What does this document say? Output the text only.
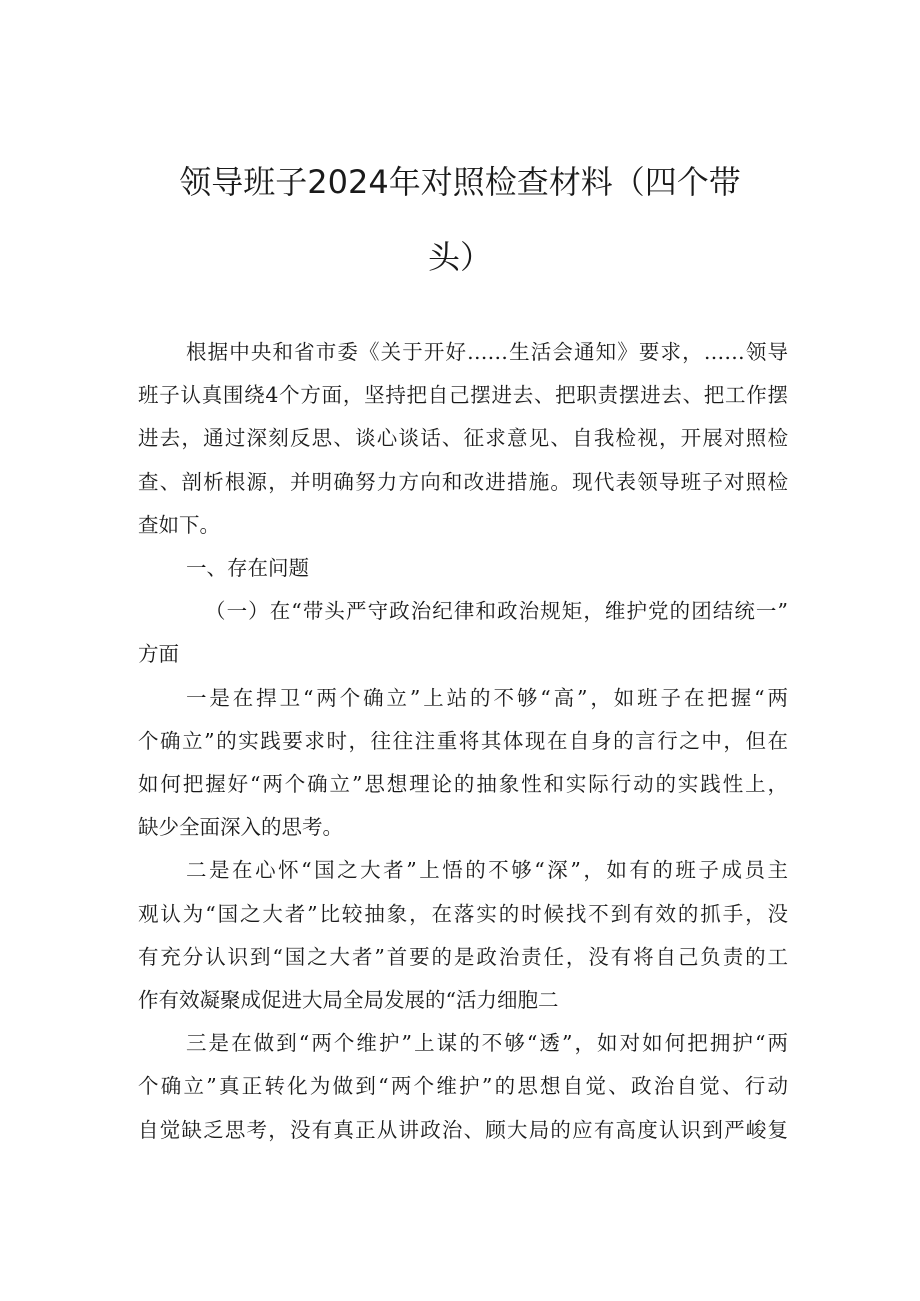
领导班子2024年对照检查材料（四个带
头）
根据中央和省市委《关于开好……生活会通知》要求，……领导
班子认真围绕4个方面，坚持把自己摆进去、把职责摆进去、把工作摆
进去，通过深刻反思、谈心谈话、征求意见、自我检视，开展对照检
查、剖析根源，并明确努力方向和改进措施。现代表领导班子对照检
查如下。
一、存在问题
（一）在“带头严守政治纪律和政治规矩，维护党的团结统一”
方面
一是在捍卫“两个确立”上站的不够“高”，如班子在把握“两
个确立”的实践要求时，往往注重将其体现在自身的言行之中，但在
如何把握好“两个确立”思想理论的抽象性和实际行动的实践性上，
缺少全面深入的思考。
二是在心怀“国之大者”上悟的不够“深”，如有的班子成员主
观认为“国之大者”比较抽象，在落实的时候找不到有效的抓手，没
有充分认识到“国之大者”首要的是政治责任，没有将自己负责的工
作有效凝聚成促进大局全局发展的“活力细胞二
三是在做到“两个维护”上谋的不够“透”，如对如何把拥护“两
个确立”真正转化为做到“两个维护”的思想自觉、政治自觉、行动
自觉缺乏思考，没有真正从讲政治、顾大局的应有高度认识到严峻复
